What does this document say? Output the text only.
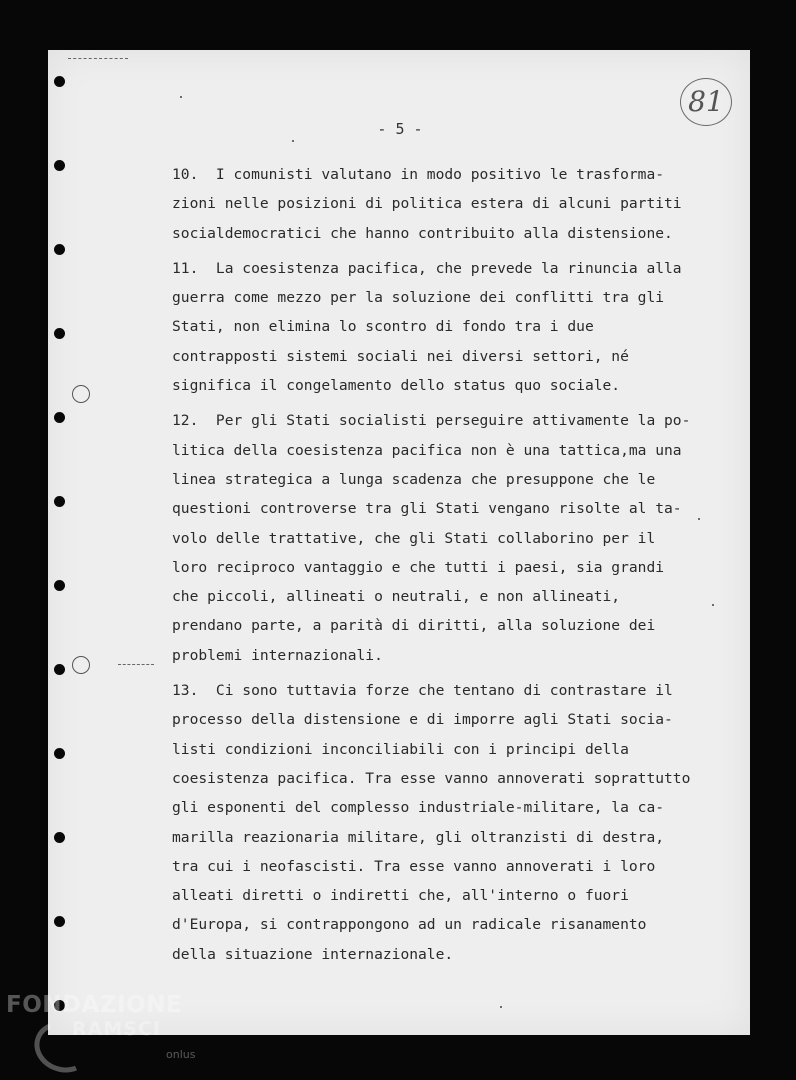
- 5 -
81
10.  I comunisti valutano in modo positivo le trasforma-
zioni nelle posizioni di politica estera di alcuni partiti
socialdemocratici che hanno contribuito alla distensione.
11.  La coesistenza pacifica, che prevede la rinuncia alla
guerra come mezzo per la soluzione dei conflitti tra gli
Stati, non elimina lo scontro di fondo tra i due
contrapposti sistemi sociali nei diversi settori, né
significa il congelamento dello status quo sociale.
12.  Per gli Stati socialisti perseguire attivamente la po-
litica della coesistenza pacifica non è una tattica,ma una
linea strategica a lunga scadenza che presuppone che le
questioni controverse tra gli Stati vengano risolte al ta-
volo delle trattative, che gli Stati collaborino per il
loro reciproco vantaggio e che tutti i paesi, sia grandi
che piccoli, allineati o neutrali, e non allineati,
prendano parte, a parità di diritti, alla soluzione dei
problemi internazionali.
13.  Ci sono tuttavia forze che tentano di contrastare il
processo della distensione e di imporre agli Stati socia-
listi condizioni inconciliabili con i principi della
coesistenza pacifica. Tra esse vanno annoverati soprattutto
gli esponenti del complesso industriale-militare, la ca-
marilla reazionaria militare, gli oltranzisti di destra,
tra cui i neofascisti. Tra esse vanno annoverati i loro
alleati diretti o indiretti che, all'interno o fuori
d'Europa, si contrappongono ad un radicale risanamento
della situazione internazionale.
FONDAZIONE
RAMSCI
onlus
